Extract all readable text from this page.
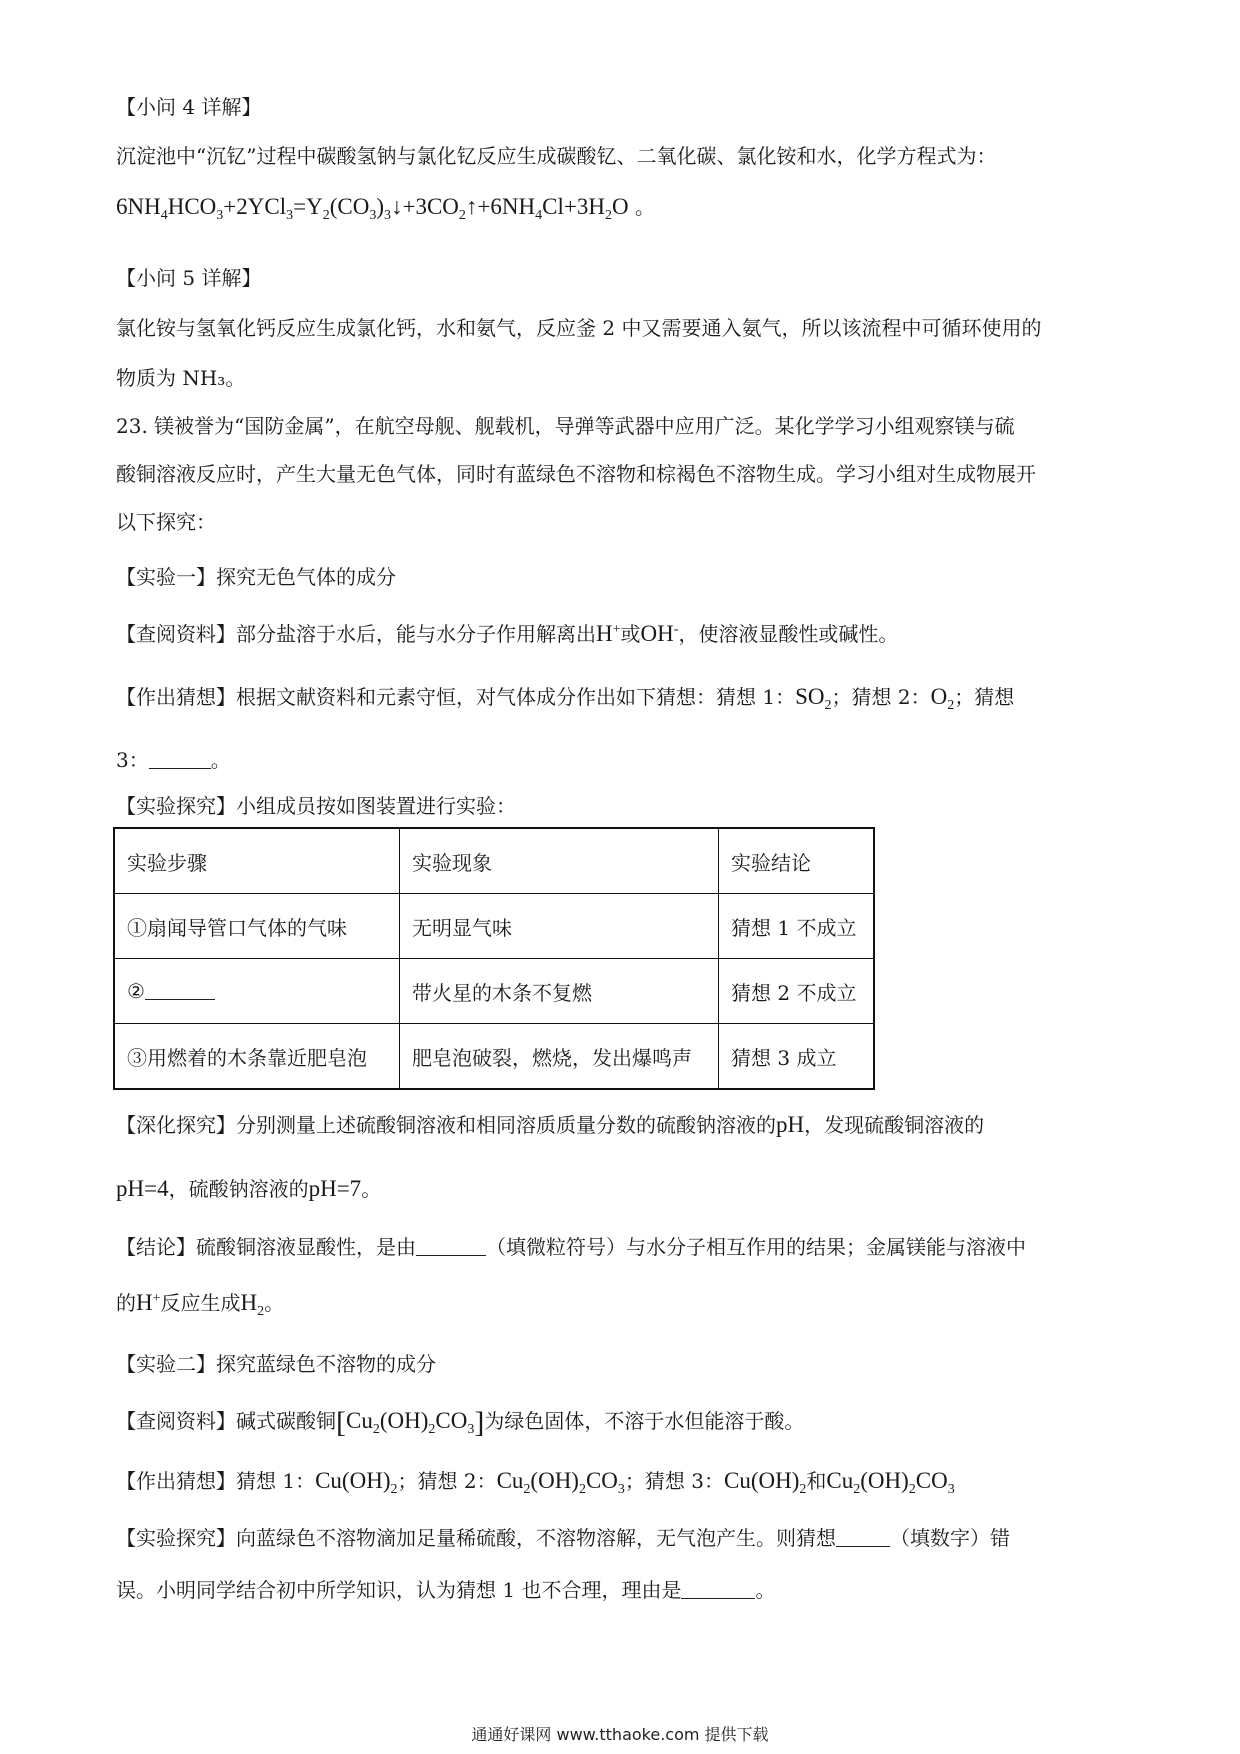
【小问 4 详解】
沉淀池中“沉钇”过程中碳酸氢钠与氯化钇反应生成碳酸钇、二氧化碳、氯化铵和水，化学方程式为：
$6NH_4HCO_3+2YCl_3=Y_2(CO_3)_3↓+3CO_2↑+6NH_4Cl+3H_2O$ 。
【小问 5 详解】
氯化铵与氢氧化钙反应生成氯化钙，水和氨气，反应釜 2 中又需要通入氨气，所以该流程中可循环使用的
物质为 NH₃。
23. 镁被誉为“国防金属”，在航空母舰、舰载机，导弹等武器中应用广泛。某化学学习小组观察镁与硫
酸铜溶液反应时，产生大量无色气体，同时有蓝绿色不溶物和棕褐色不溶物生成。学习小组对生成物展开
以下探究：
【实验一】探究无色气体的成分
【查阅资料】部分盐溶于水后，能与水分子作用解离出H+或OH-，使溶液显酸性或碱性。
【作出猜想】根据文献资料和元素守恒，对气体成分作出如下猜想：猜想 1：$SO_2$；猜想 2：$O_2$；猜想
3：	。
【实验探究】小组成员按如图装置进行实验：
实验步骤	实验现象	实验结论
①扇闻导管口气体的气味	无明显气味	猜想 1 不成立
②	带火星的木条不复燃	猜想 2 不成立
③用燃着的木条靠近肥皂泡	肥皂泡破裂，燃烧，发出爆鸣声	猜想 3 成立
【深化探究】分别测量上述硫酸铜溶液和相同溶质质量分数的硫酸钠溶液的pH，发现硫酸铜溶液的
pH=4，硫酸钠溶液的pH=7。
【结论】硫酸铜溶液显酸性，是由	（填微粒符号）与水分子相互作用的结果；金属镁能与溶液中
的H+反应生成$H_2$。
【实验二】探究蓝绿色不溶物的成分
【查阅资料】碱式碳酸铜$[Cu_2(OH)_2CO_3]$为绿色固体，不溶于水但能溶于酸。
【作出猜想】猜想 1：$Cu(OH)_2$；猜想 2：$Cu_2(OH)_2CO_3$；猜想 3：$Cu(OH)_2$和$Cu_2(OH)_2CO_3$
【实验探究】向蓝绿色不溶物滴加足量稀硫酸，不溶物溶解，无气泡产生。则猜想	（填数字）错
误。小明同学结合初中所学知识，认为猜想 1 也不合理，理由是	。
通通好课网 www.tthaoke.com 提供下载
